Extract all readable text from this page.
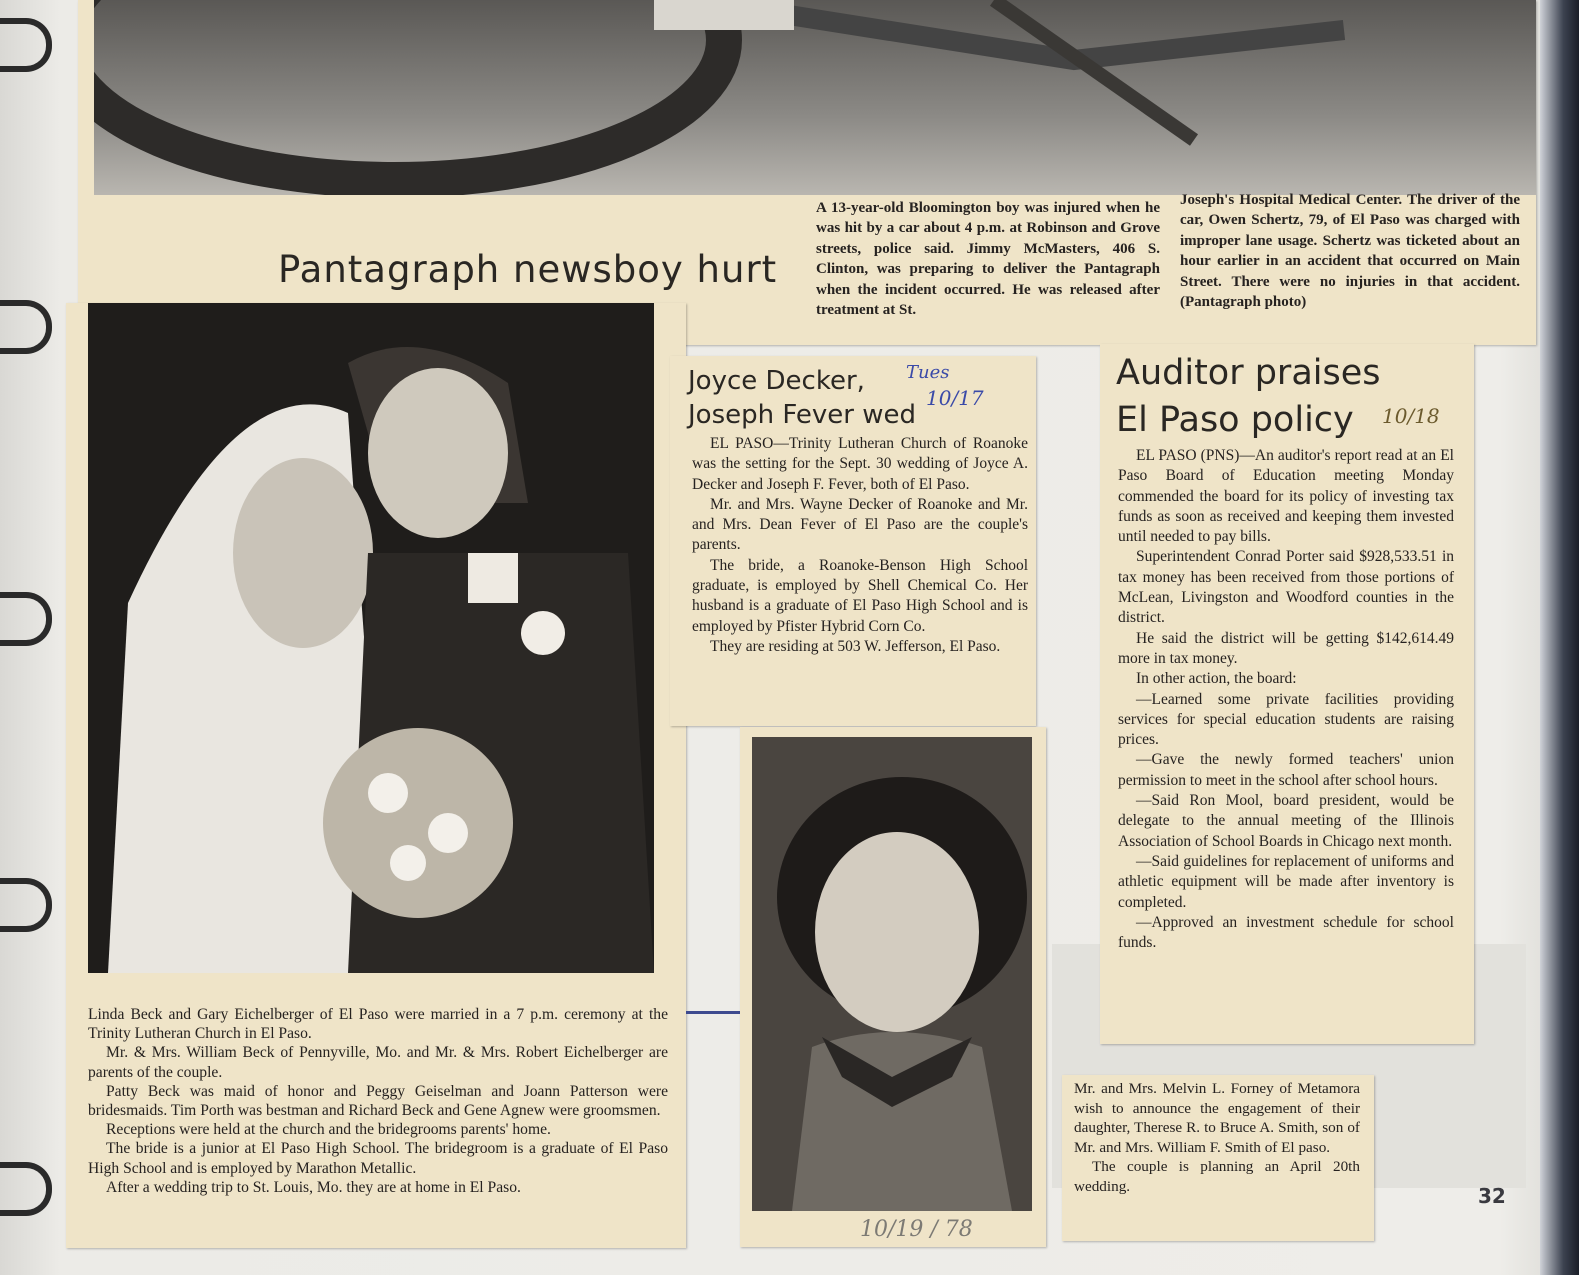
Pantagraph newsboy hurt
A 13-year-old Bloomington boy was injured when he was hit by a car about 4 p.m. at Robinson and Grove streets, police said. Jimmy McMasters, 406 S. Clinton, was preparing to deliver the Pantagraph when the incident occurred. He was released after treatment at St.
Joseph's Hospital Medical Center. The driver of the car, Owen Schertz, 79, of El Paso was charged with improper lane usage. Schertz was ticketed about an hour earlier in an accident that occurred on Main Street. There were no injuries in that accident. (Pantagraph photo)

Linda Beck and Gary Eichelberger of El Paso were married in a 7 p.m. ceremony at the Trinity Lutheran Church in El Paso.

Mr. & Mrs. William Beck of Pennyville, Mo. and Mr. & Mrs. Robert Eichelberger are parents of the couple.

Patty Beck was maid of honor and Peggy Geiselman and Joann Patterson were bridesmaids. Tim Porth was bestman and Richard Beck and Gene Agnew were groomsmen.

Receptions were held at the church and the bridegrooms parents' home.

The bride is a junior at El Paso High School. The bridegroom is a graduate of El Paso High School and is employed by Marathon Metallic.

After a wedding trip to St. Louis, Mo. they are at home in El Paso.

Joyce Decker,
Joseph Fever wed
Tues
10/17

EL PASO—Trinity Lutheran Church of Roanoke was the setting for the Sept. 30 wedding of Joyce A. Decker and Joseph F. Fever, both of El Paso.

Mr. and Mrs. Wayne Decker of Roanoke and Mr. and Mrs. Dean Fever of El Paso are the couple's parents.

The bride, a Roanoke-Benson High School graduate, is employed by Shell Chemical Co. Her husband is a graduate of El Paso High School and is employed by Pfister Hybrid Corn Co.

They are residing at 503 W. Jefferson, El Paso.

10/19 / 78
Auditor praises
El Paso policy	10/18

EL PASO (PNS)—An auditor's report read at an El Paso Board of Education meeting Monday commended the board for its policy of investing tax funds as soon as received and keeping them invested until needed to pay bills.

Superintendent Conrad Porter said $928,533.51 in tax money has been received from those portions of McLean, Livingston and Woodford counties in the district.

He said the district will be getting $142,614.49 more in tax money.

In other action, the board:

—Learned some private facilities providing services for special education students are raising prices.

—Gave the newly formed teachers' union permission to meet in the school after school hours.

—Said Ron Mool, board president, would be delegate to the annual meeting of the Illinois Association of School Boards in Chicago next month.

—Said guidelines for replacement of uniforms and athletic equipment will be made after inventory is completed.

—Approved an investment schedule for school funds.

Mr. and Mrs. Melvin L. Forney of Metamora wish to announce the engagement of their daughter, Therese R. to Bruce A. Smith, son of Mr. and Mrs. William F. Smith of El paso.

The couple is planning an April 20th wedding.	32
